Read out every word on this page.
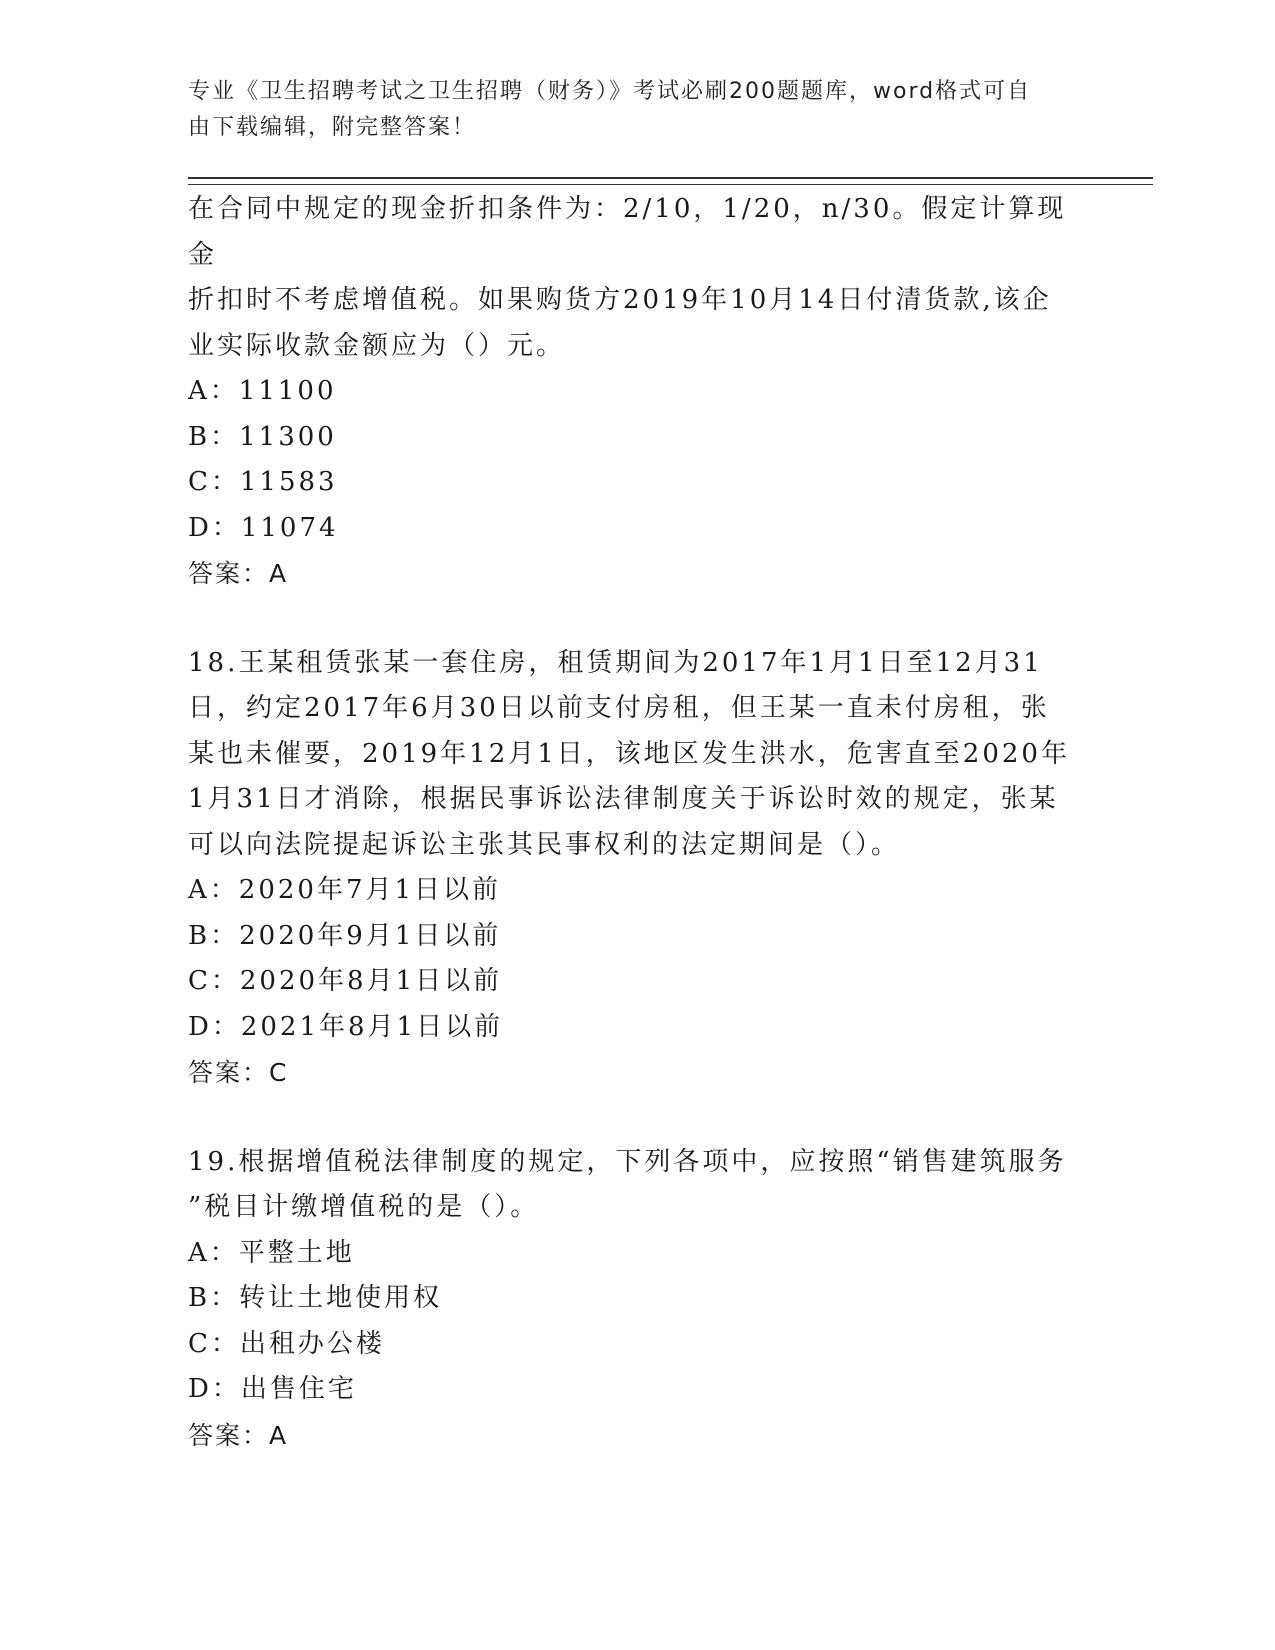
专业《卫生招聘考试之卫生招聘（财务）》考试必刷200题题库，word格式可自
由下载编辑，附完整答案！
在合同中规定的现金折扣条件为：2/10，1/20，n/30。假定计算现金
折扣时不考虑增值税。如果购货方2019年10月14日付清货款,该企
业实际收款金额应为（）元。
A：11100
B：11300
C：11583
D：11074
答案：A
18.王某租赁张某一套住房，租赁期间为2017年1月1日至12月31
日，约定2017年6月30日以前支付房租，但王某一直未付房租，张
某也未催要，2019年12月1日，该地区发生洪水，危害直至2020年
1月31日才消除，根据民事诉讼法律制度关于诉讼时效的规定，张某
可以向法院提起诉讼主张其民事权利的法定期间是（）。
A：2020年7月1日以前
B：2020年9月1日以前
C：2020年8月1日以前
D：2021年8月1日以前
答案：C
19.根据增值税法律制度的规定，下列各项中，应按照“销售建筑服务
”税目计缴增值税的是（）。
A：平整土地
B：转让土地使用权
C：出租办公楼
D：出售住宅
答案：A
